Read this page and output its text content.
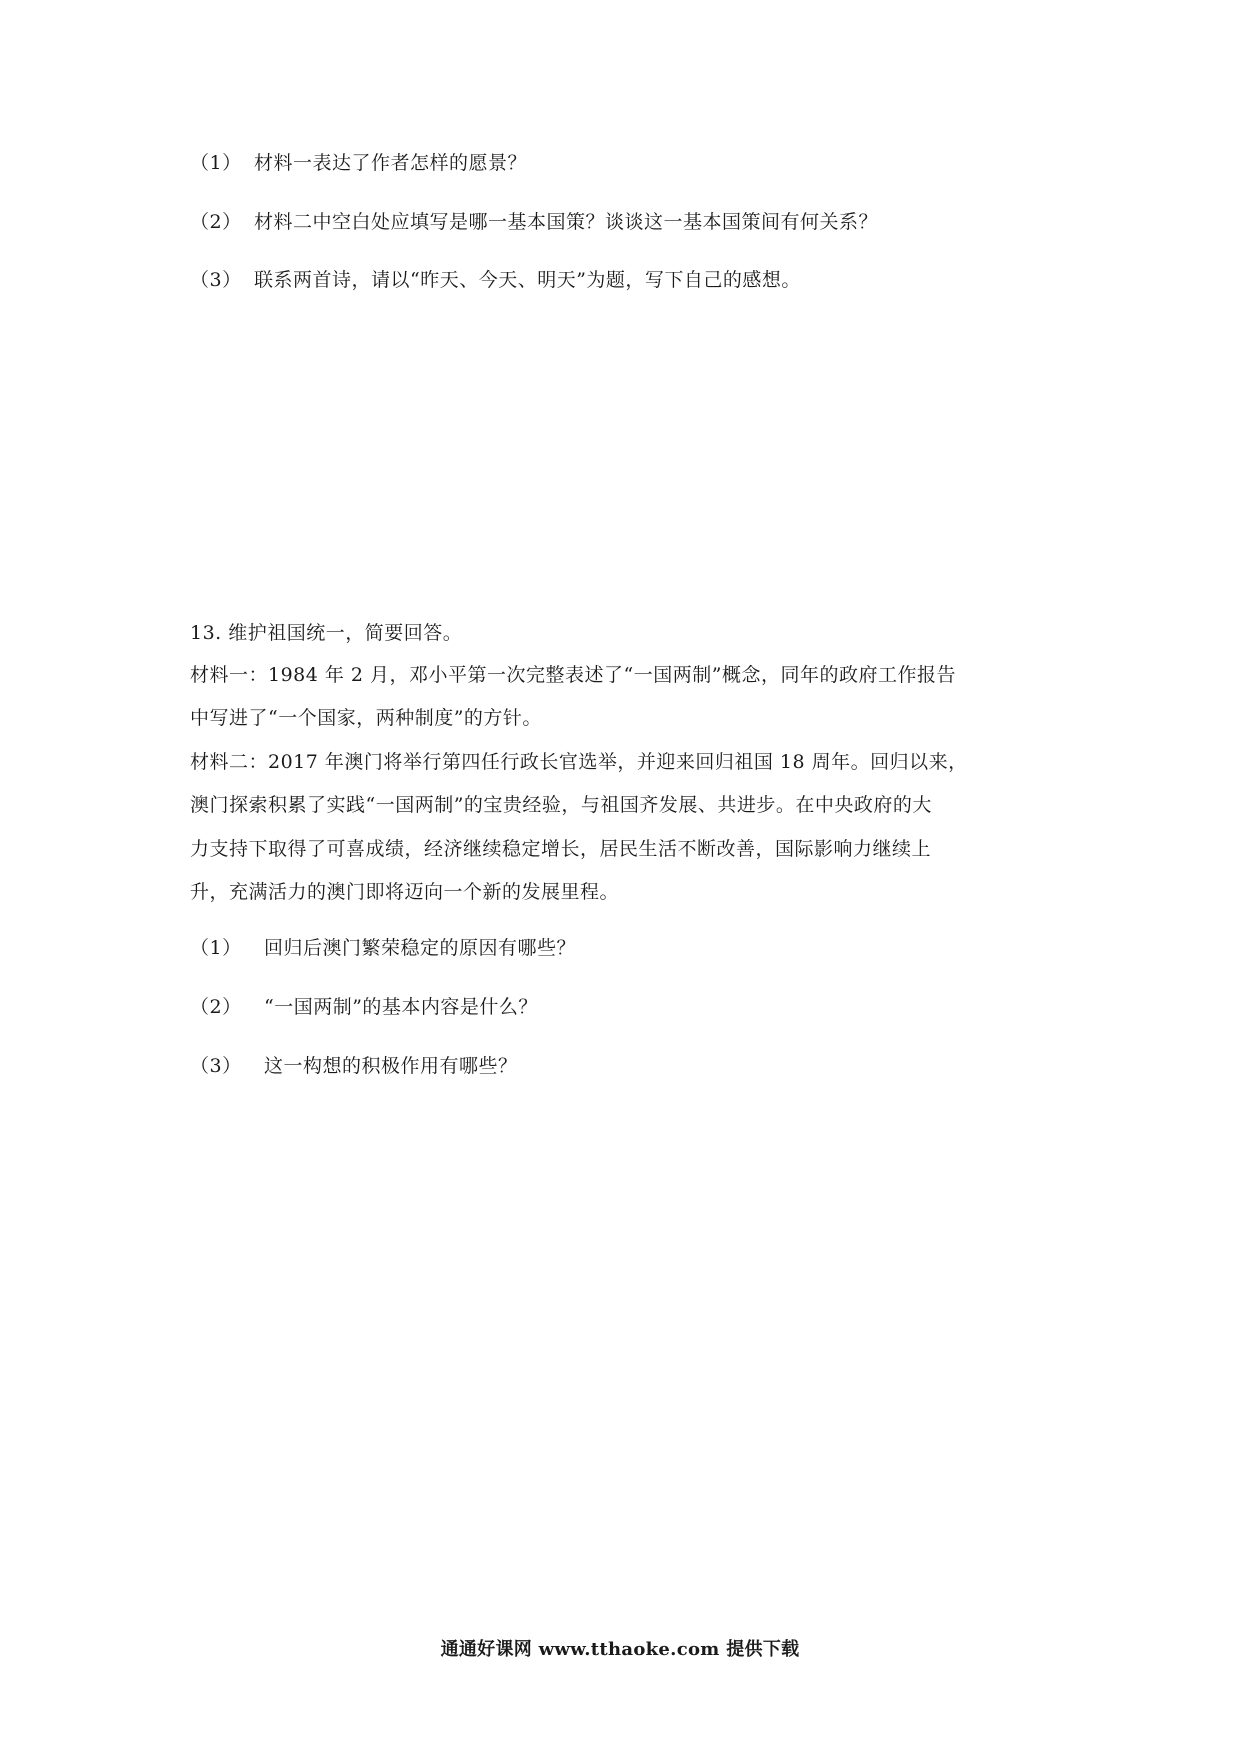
（1） 材料一表达了作者怎样的愿景？
（2） 材料二中空白处应填写是哪一基本国策？谈谈这一基本国策间有何关系？
（3） 联系两首诗，请以“昨天、今天、明天”为题，写下自己的感想。
13. 维护祖国统一，简要回答。
材料一：1984 年 2 月，邓小平第一次完整表述了“一国两制”概念，同年的政府工作报告
中写进了“一个国家，两种制度”的方针。
材料二：2017 年澳门将举行第四任行政长官选举，并迎来回归祖国 18 周年。回归以来，
澳门探索积累了实践“一国两制”的宝贵经验，与祖国齐发展、共进步。在中央政府的大
力支持下取得了可喜成绩，经济继续稳定增长，居民生活不断改善，国际影响力继续上
升，充满活力的澳门即将迈向一个新的发展里程。
（1） 回归后澳门繁荣稳定的原因有哪些？
（2） “一国两制”的基本内容是什么？
（3） 这一构想的积极作用有哪些？
通通好课网 www.tthaoke.com 提供下载
